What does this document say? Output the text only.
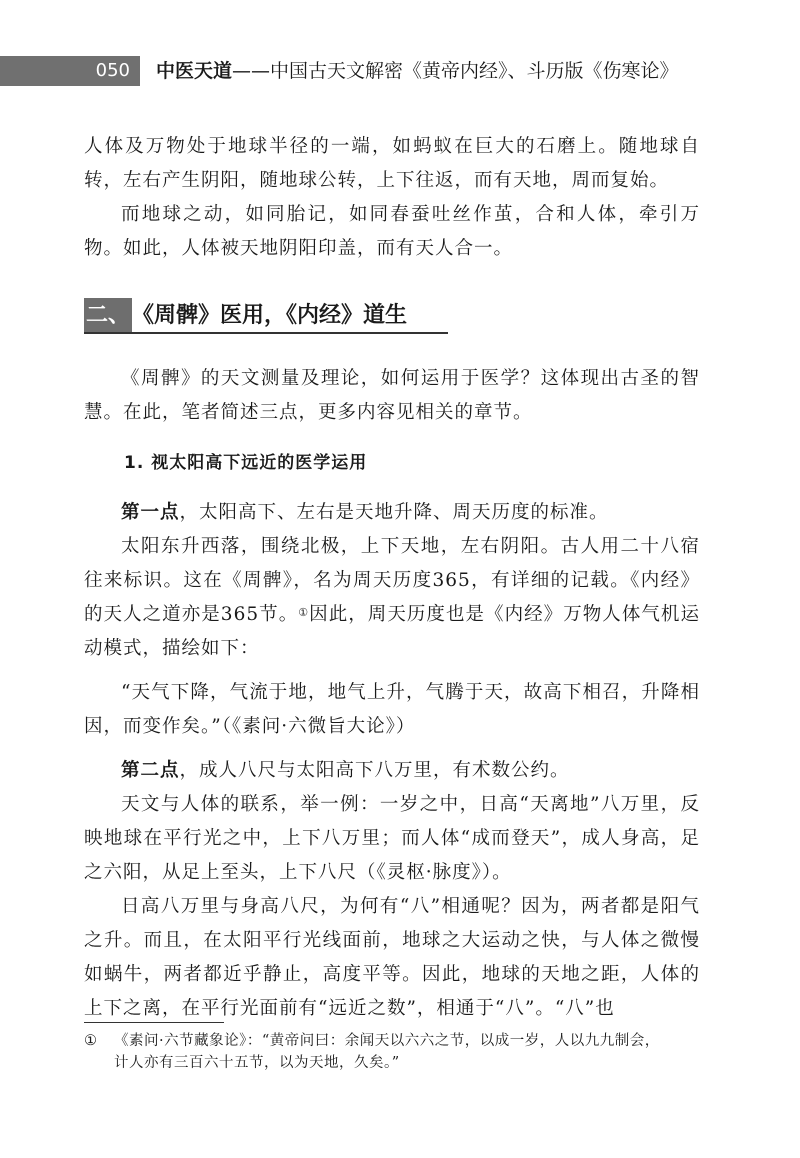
050	中医天道——中国古天文解密《黄帝内经》、斗历版《伤寒论》

人体及万物处于地球半径的一端，如蚂蚁在巨大的石磨上。随地球自转，左右产生阴阳，随地球公转，上下往返，而有天地，周而复始。

而地球之动，如同胎记，如同春蚕吐丝作茧，合和人体，牵引万物。如此，人体被天地阴阳印盖，而有天人合一。

二、 《周髀》医用，《内经》道生

《周髀》的天文测量及理论，如何运用于医学？这体现出古圣的智慧。在此，笔者简述三点，更多内容见相关的章节。

1. 视太阳高下远近的医学运用

第一点，太阳高下、左右是天地升降、周天历度的标准。

太阳东升西落，围绕北极，上下天地，左右阴阳。古人用二十八宿往来标识。这在《周髀》，名为周天历度365，有详细的记载。《内经》的天人之道亦是365节。①因此，周天历度也是《内经》万物人体气机运动模式，描绘如下：

“天气下降，气流于地，地气上升，气腾于天，故高下相召，升降相因，而变作矣。”（《素问·六微旨大论》）

第二点，成人八尺与太阳高下八万里，有术数公约。

天文与人体的联系，举一例：一岁之中，日高“天离地”八万里，反映地球在平行光之中，上下八万里；而人体“成而登天”，成人身高，足之六阳，从足上至头，上下八尺（《灵枢·脉度》）。

日高八万里与身高八尺，为何有“八”相通呢？因为，两者都是阳气之升。而且，在太阳平行光线面前，地球之大运动之快，与人体之微慢如蜗牛，两者都近乎静止，高度平等。因此，地球的天地之距，人体的上下之离，在平行光面前有“远近之数”，相通于“八”。“八”也

① 《素问·六节藏象论》：“黄帝问曰：余闻天以六六之节，以成一岁，人以九九制会，
计人亦有三百六十五节，以为天地，久矣。”
